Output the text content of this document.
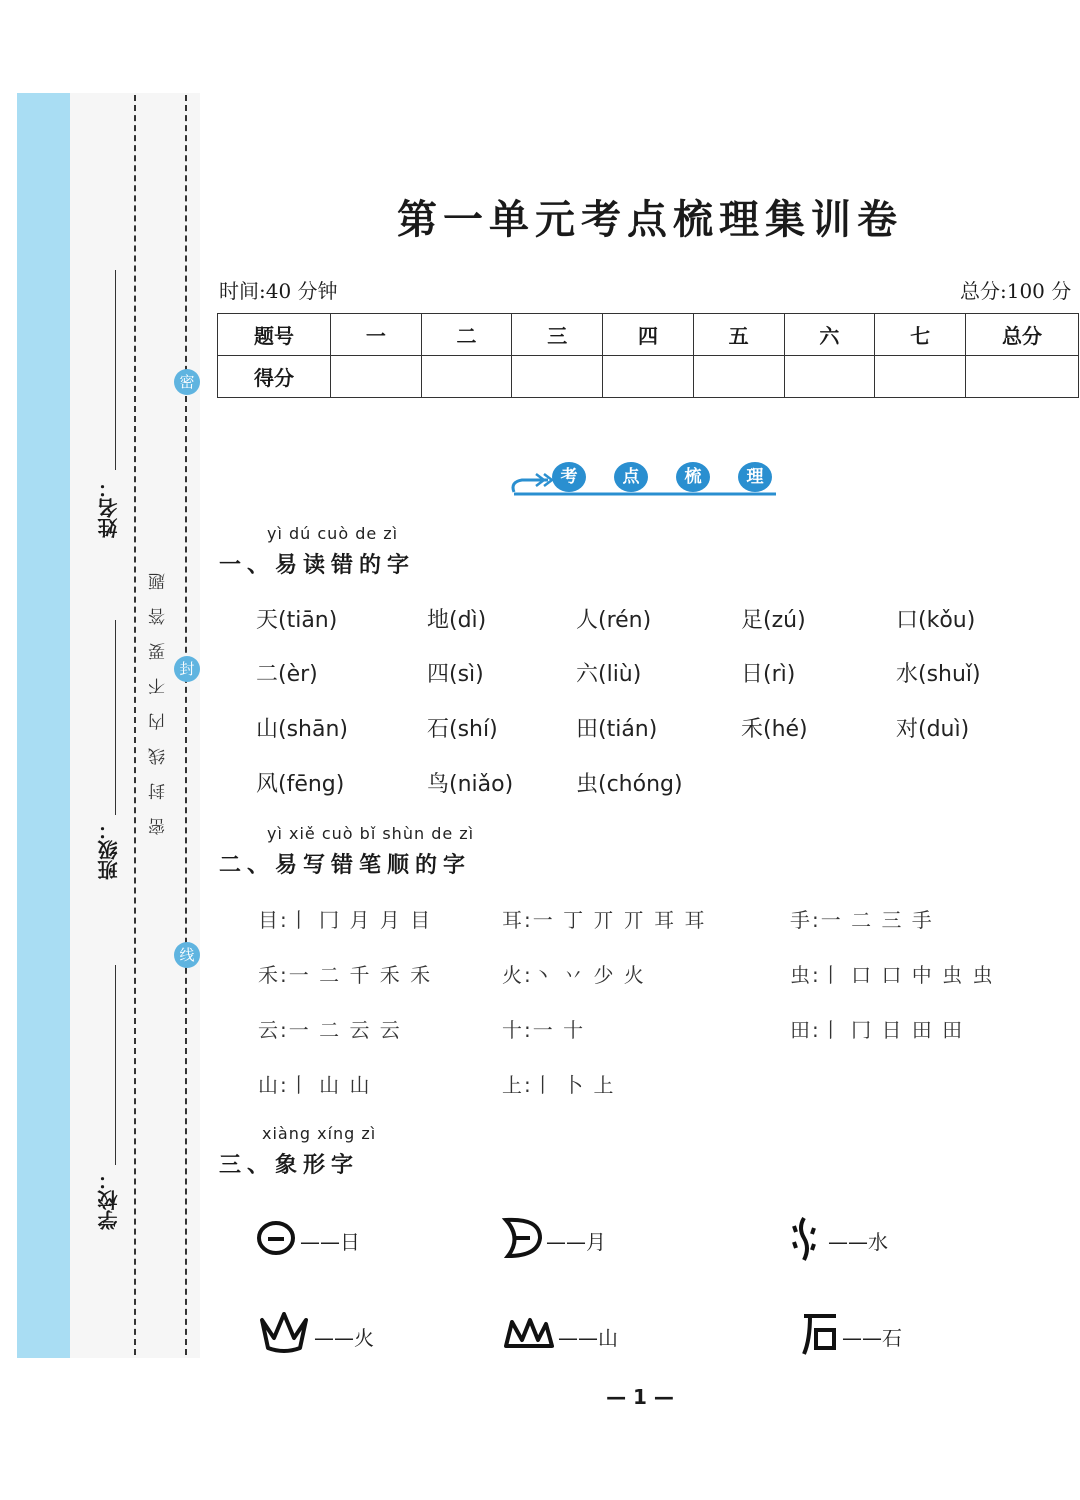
密
封
线
密封线内不要答题
姓名：
班级：
学校：
第一单元考点梳理集训卷
时间:40 分钟	总分:100 分
题号	一	二	三	四	五	六	七	总分
得分								
考	点	梳	理
yì dú cuò de zì
一、易读错的字
天(tiān)	地(dì)	人(rén)	足(zú)	口(kǒu)
二(èr)	四(sì)	六(liù)	日(rì)	水(shuǐ)
山(shān)	石(shí)	田(tián)	禾(hé)	对(duì)
风(fēng)	鸟(niǎo)	虫(chóng)
yì xiě cuò bǐ shùn de zì
二、易写错笔顺的字
目:丨 冂 月 月 目	耳:一 丁 丌 丌 耳 耳	手:一 二 三 手
禾:一 二 千 禾 禾	火:丶 丷 少 火	虫:丨 口 口 中 虫 虫
云:一 二 云 云	十:一 十	田:丨 冂 日 田 田
山:丨 山 山	上:丨 卜 上
xiàng xíng zì
三、象形字
——日	——月	——水
——火	——山	——石
— 1 —
